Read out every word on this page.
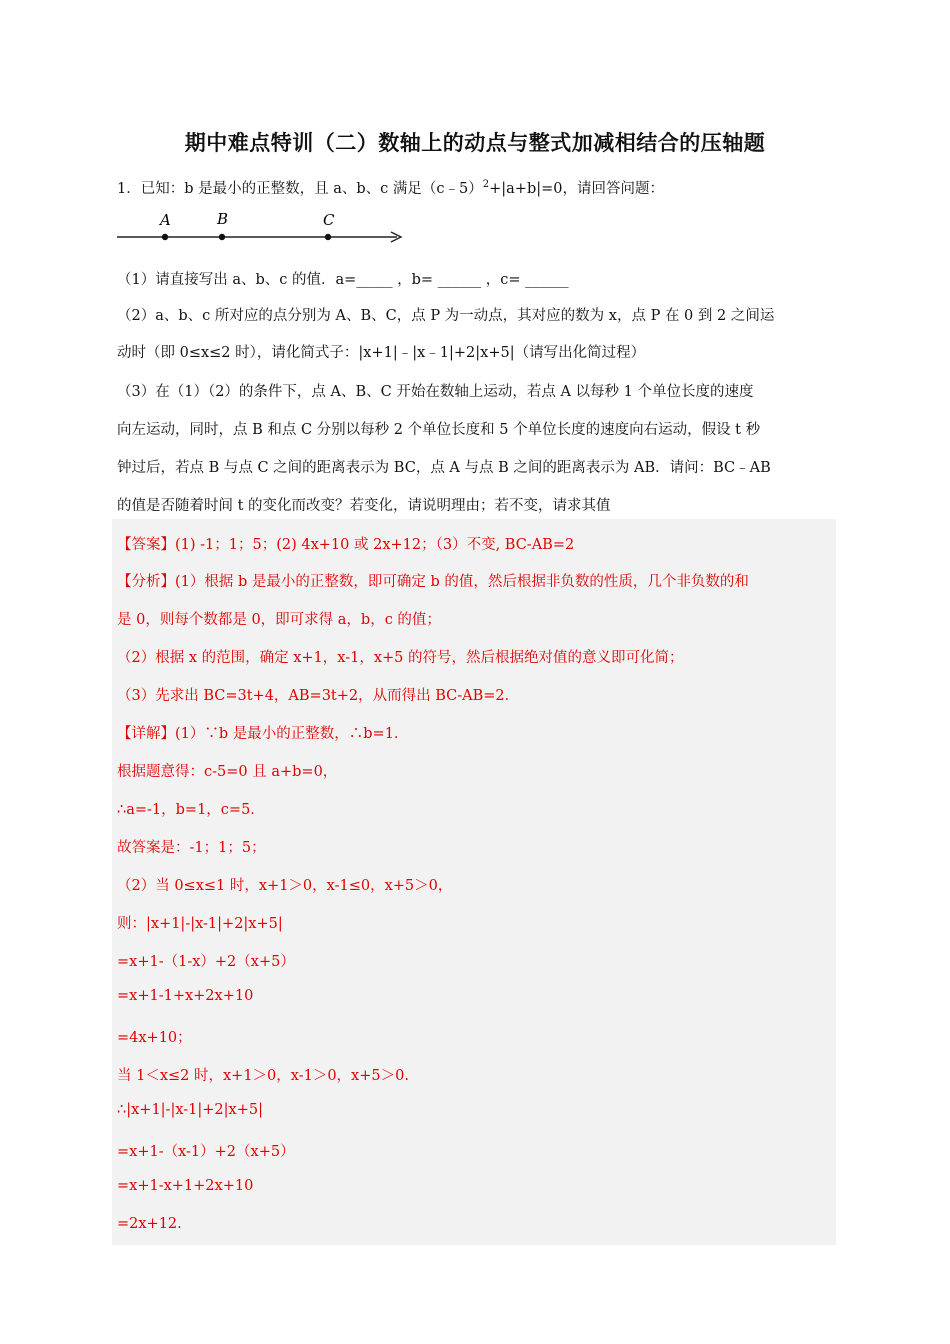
期中难点特训（二）数轴上的动点与整式加减相结合的压轴题
1．已知：b 是最小的正整数，且 a、b、c 满足（c﹣5）$^2$+|a+b|=0，请回答问题：
A	B	C
（1）请直接写出 a、b、c 的值．a=_____ ，b= ______ ，c= ______
（2）a、b、c 所对应的点分别为 A、B、C，点 P 为一动点，其对应的数为 x，点 P 在 0 到 2 之间运
动时（即 0≤x≤2 时），请化简式子：|x+1|﹣|x﹣1|+2|x+5|（请写出化简过程）
（3）在（1）（2）的条件下，点 A、B、C 开始在数轴上运动，若点 A 以每秒 1 个单位长度的速度
向左运动，同时，点 B 和点 C 分别以每秒 2 个单位长度和 5 个单位长度的速度向右运动，假设 t 秒
钟过后，若点 B 与点 C 之间的距离表示为 BC，点 A 与点 B 之间的距离表示为 AB．请问：BC﹣AB
的值是否随着时间 t 的变化而改变？若变化，请说明理由；若不变，请求其值
【答案】(1) -1；1；5；(2) 4x+10 或 2x+12；（3）不变, BC-AB=2
【分析】(1）根据 b 是最小的正整数，即可确定 b 的值，然后根据非负数的性质，几个非负数的和
是 0，则每个数都是 0，即可求得 a，b，c 的值；
（2）根据 x 的范围，确定 x+1，x-1，x+5 的符号，然后根据绝对值的意义即可化简；
（3）先求出 BC=3t+4，AB=3t+2，从而得出 BC-AB=2．
【详解】(1）∵b 是最小的正整数，∴b=1．
根据题意得：c-5=0 且 a+b=0，
∴a=-1，b=1，c=5．
故答案是：-1；1；5；
（2）当 0≤x≤1 时，x+1＞0，x-1≤0，x+5＞0，
则：|x+1|-|x-1|+2|x+5|
=x+1-（1-x）+2（x+5）
=x+1-1+x+2x+10
=4x+10；
当 1＜x≤2 时，x+1＞0，x-1＞0，x+5＞0.
∴|x+1|-|x-1|+2|x+5|
=x+1-（x-1）+2（x+5）
=x+1-x+1+2x+10
=2x+12.
